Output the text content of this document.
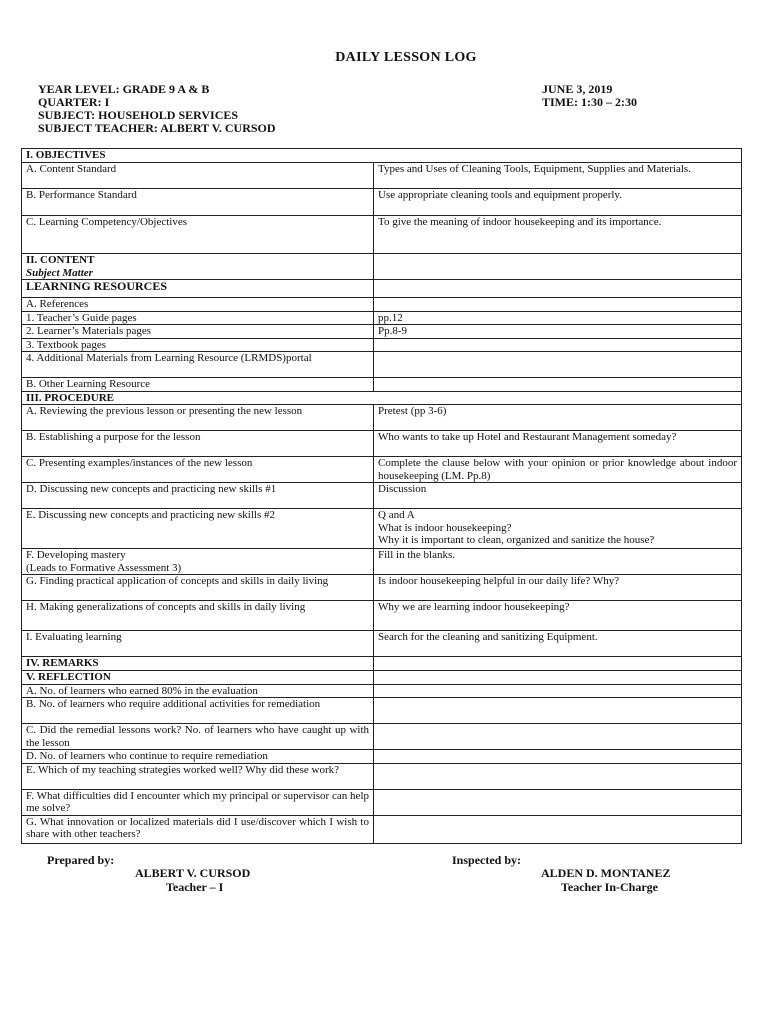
DAILY LESSON LOG
YEAR LEVEL: GRADE 9 A & B
QUARTER: I
SUBJECT: HOUSEHOLD SERVICES
SUBJECT TEACHER: ALBERT V. CURSOD
JUNE 3, 2019
TIME: 1:30 – 2:30
I. OBJECTIVES	
A. Content Standard	Types and Uses of Cleaning Tools, Equipment, Supplies and Materials.
B. Performance Standard	Use appropriate cleaning tools and equipment properly.
C. Learning Competency/Objectives	To give the meaning of indoor housekeeping and its importance.

II. CONTENT
Subject Matter	

LEARNING RESOURCES	
A. References	
1. Teacher’s Guide pages	pp.12
2. Learner’s Materials pages	Pp.8-9
3. Textbook pages	
4. Additional Materials from Learning Resource (LRMDS)portal	
B. Other Learning Resource	
III. PROCEDURE	
A. Reviewing the previous lesson or presenting the new lesson	Pretest (pp 3-6)
B. Establishing a purpose for the lesson	Who wants to take up Hotel and Restaurant Management someday?
C. Presenting examples/instances of the new lesson	Complete the clause below with your opinion or prior knowledge about indoor housekeeping (LM. Pp.8)
D. Discussing new concepts and practicing new skills #1	Discussion
E. Discussing new concepts and practicing new skills #2	Q and A
What is indoor housekeeping?
Why it is important to clean, organized and sanitize the house?

F. Developing mastery
(Leads to Formative Assessment 3)	Fill in the blanks.
G. Finding practical application of concepts and skills in daily living	Is indoor housekeeping helpful in our daily life? Why?
H. Making generalizations of concepts and skills in daily living	Why we are learning indoor housekeeping?
I. Evaluating learning	Search for the cleaning and sanitizing Equipment.
IV. REMARKS	
V. REFLECTION	
A. No. of learners who earned 80% in the evaluation	
B. No. of learners who require additional activities for remediation	
C. Did the remedial lessons work? No. of learners who have caught up with the lesson	
D. No. of learners who continue to require remediation	
E. Which of my teaching strategies worked well? Why did these work?	
F. What difficulties did I encounter which my principal or supervisor can help me solve?	
G. What innovation or localized materials did I use/discover which I wish to share with other teachers?	
Prepared by:
ALBERT V. CURSOD
Teacher – I
Inspected by:
ALDEN D. MONTANEZ
Teacher In-Charge
